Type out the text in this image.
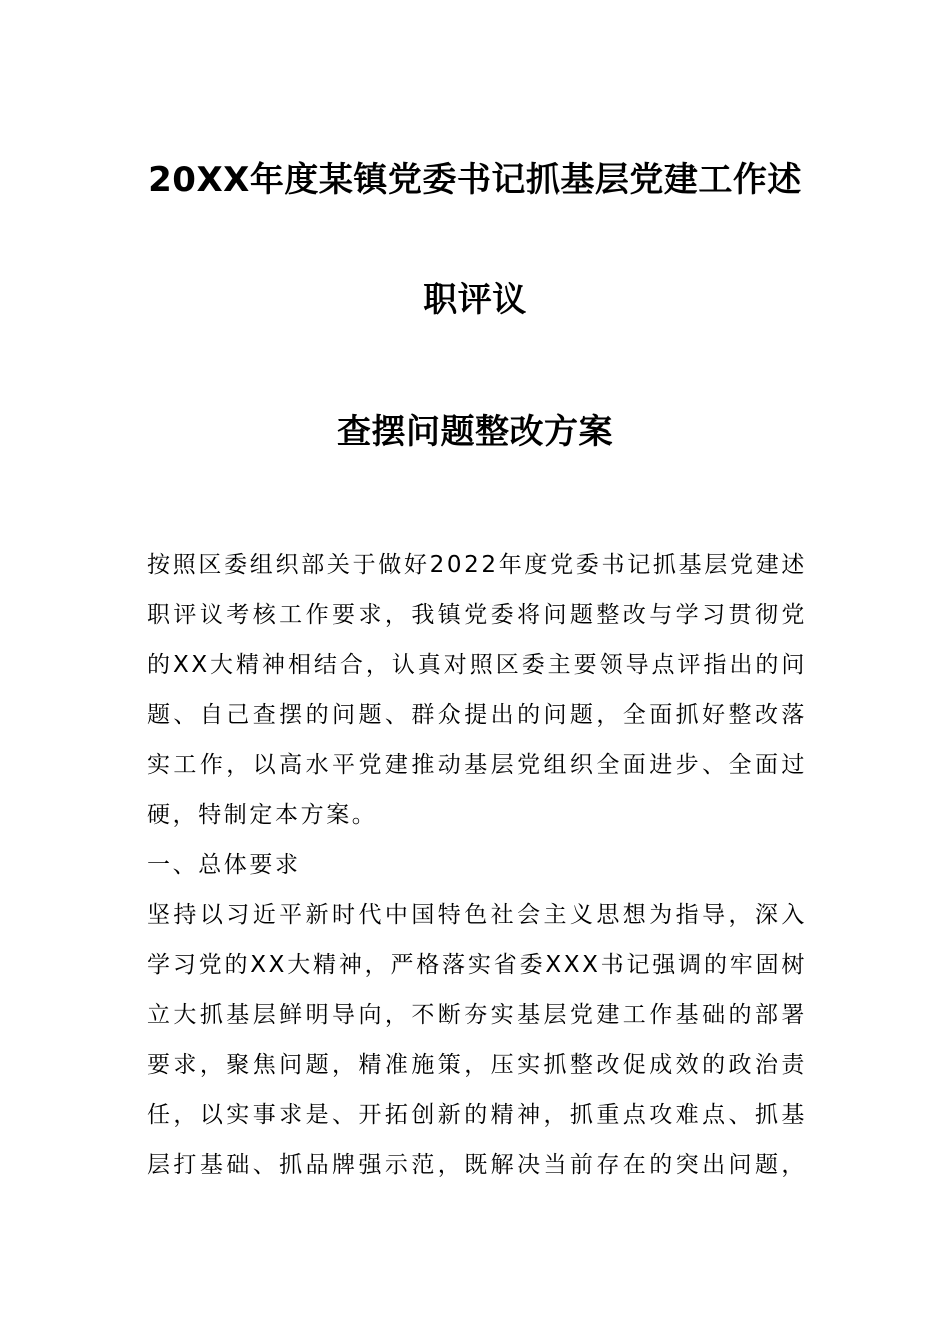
20XX年度某镇党委书记抓基层党建工作述
职评议
查摆问题整改方案
按照区委组织部关于做好2022年度党委书记抓基层党建述
职评议考核工作要求，我镇党委将问题整改与学习贯彻党
的XX大精神相结合，认真对照区委主要领导点评指出的问
题、自己查摆的问题、群众提出的问题，全面抓好整改落
实工作，以高水平党建推动基层党组织全面进步、全面过
硬，特制定本方案。
一、总体要求
坚持以习近平新时代中国特色社会主义思想为指导，深入
学习党的XX大精神，严格落实省委XXX书记强调的牢固树
立大抓基层鲜明导向，不断夯实基层党建工作基础的部署
要求，聚焦问题，精准施策，压实抓整改促成效的政治责
任，以实事求是、开拓创新的精神，抓重点攻难点、抓基
层打基础、抓品牌强示范，既解决当前存在的突出问题，
